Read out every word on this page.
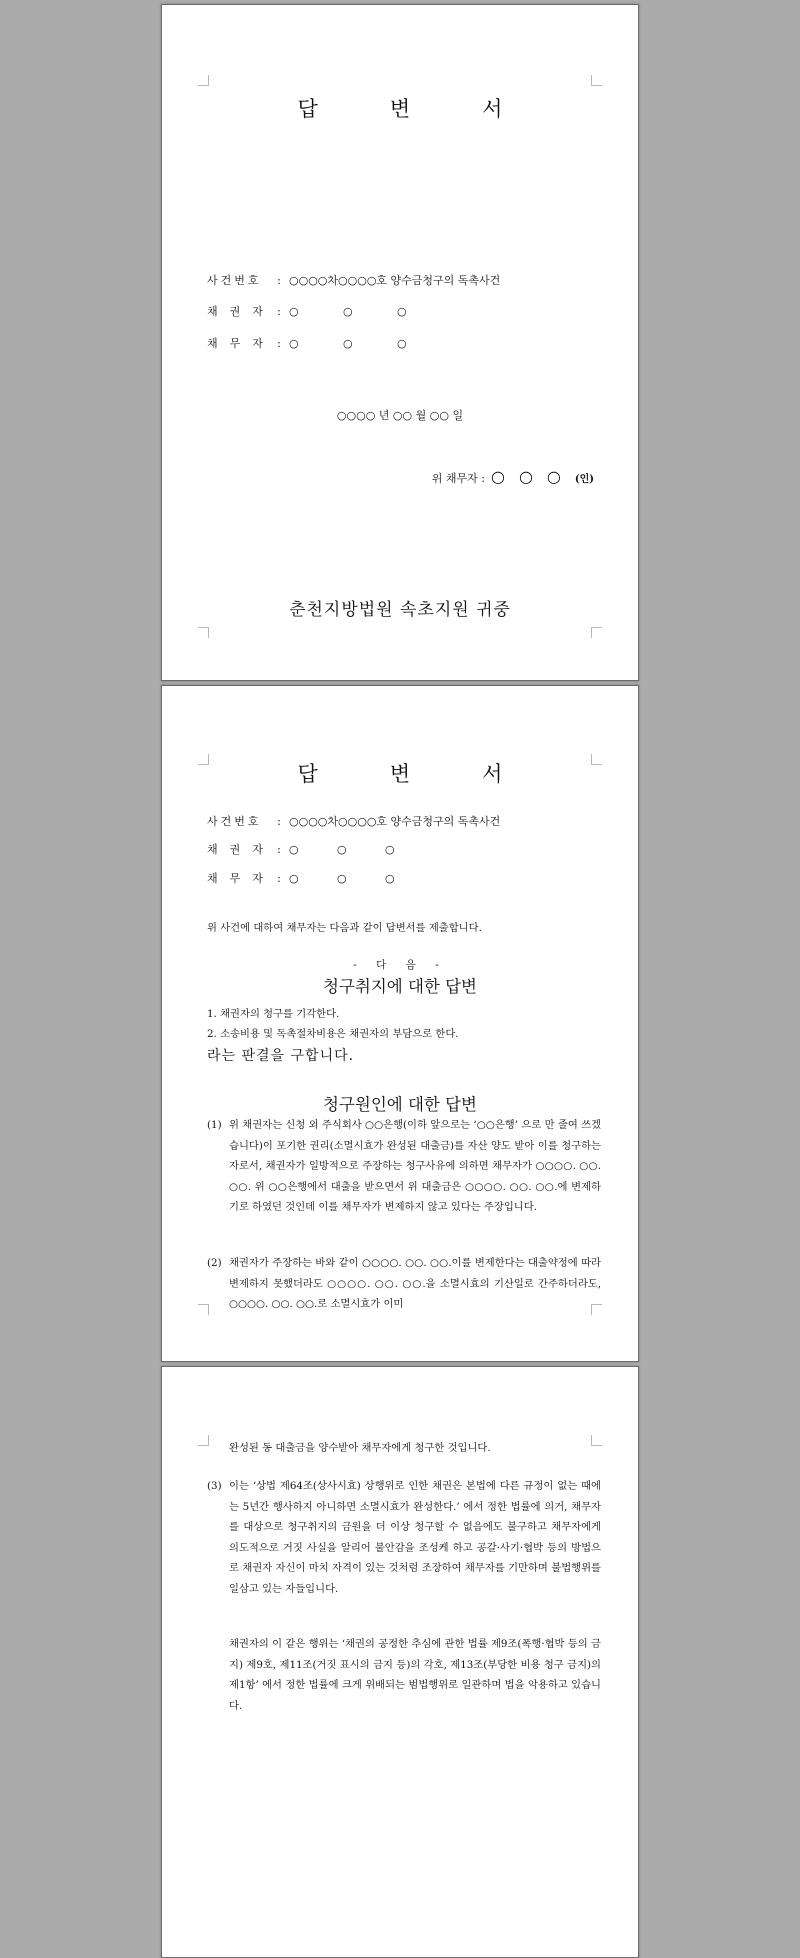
답	변	서
사건번호 : ○○○○차○○○○호 양수금청구의 독촉사건
채권자 : ○	○	○
채무자 : ○	○	○
○○○○ 년 ○○ 월 ○○ 일
위 채무자 : ○○○(인)
춘천지방법원 속초지원 귀중
답	변	서
사건번호 : ○○○○차○○○○호 양수금청구의 독촉사건
채권자 : ○	○	○
채무자 : ○	○	○
위 사건에 대하여 채무자는 다음과 같이 답변서를 제출합니다.
- 다 음 -
청구취지에 대한 답변
1. 채권자의 청구를 기각한다.
2. 소송비용 및 독촉절차비용은 채권자의 부담으로 한다.
라는 판결을 구합니다.
청구원인에 대한 답변
(1) 위 채권자는 신청 외 주식회사 ○○은행(이하 앞으로는 ‘○○은행’ 으로 만 줄여 쓰겠습니다)이 포기한 권리(소멸시효가 완성된 대출금)를 자산 양도 받아 이를 청구하는 자로서, 채권자가 일방적으로 주장하는 청구사유에 의하면 채무자가 ○○○○. ○○. ○○. 위 ○○은행에서 대출을 받으면서 위 대출금은 ○○○○. ○○. ○○.에 변제하기로 하였던 것인데 이를 채무자가 변제하지 않고 있다는 주장입니다.
(2) 채권자가 주장하는 바와 같이 ○○○○. ○○. ○○.이를 변제한다는 대출약정에 따라 변제하지 못했더라도 ○○○○. ○○. ○○.을 소멸시효의 기산일로 간주하더라도, ○○○○. ○○. ○○.로 소멸시효가 이미
완성된 동 대출금을 양수받아 채무자에게 청구한 것입니다.
(3) 이는 ‘상법 제64조(상사시효) 상행위로 인한 채권은 본법에 다른 규정이 없는 때에는 5년간 행사하지 아니하면 소멸시효가 완성한다.’ 에서 정한 법률에 의거, 채무자를 대상으로 청구취지의 금원을 더 이상 청구할 수 없음에도 불구하고 채무자에게 의도적으로 거짓 사실을 알리어 불안감을 조성케 하고 공갈·사기·협박 등의 방법으로 채권자 자신이 마치 자격이 있는 것처럼 조장하여 채무자를 기만하며 불법행위를 일삼고 있는 자들입니다.
채권자의 이 같은 행위는 ‘채권의 공정한 추심에 관한 법률 제9조(폭행·협박 등의 금지) 제9호, 제11조(거짓 표시의 금지 등)의 각호, 제13조(부당한 비용 청구 금지)의 제1항’ 에서 정한 법률에 크게 위배되는 범법행위로 일관하며 법을 악용하고 있습니다.
